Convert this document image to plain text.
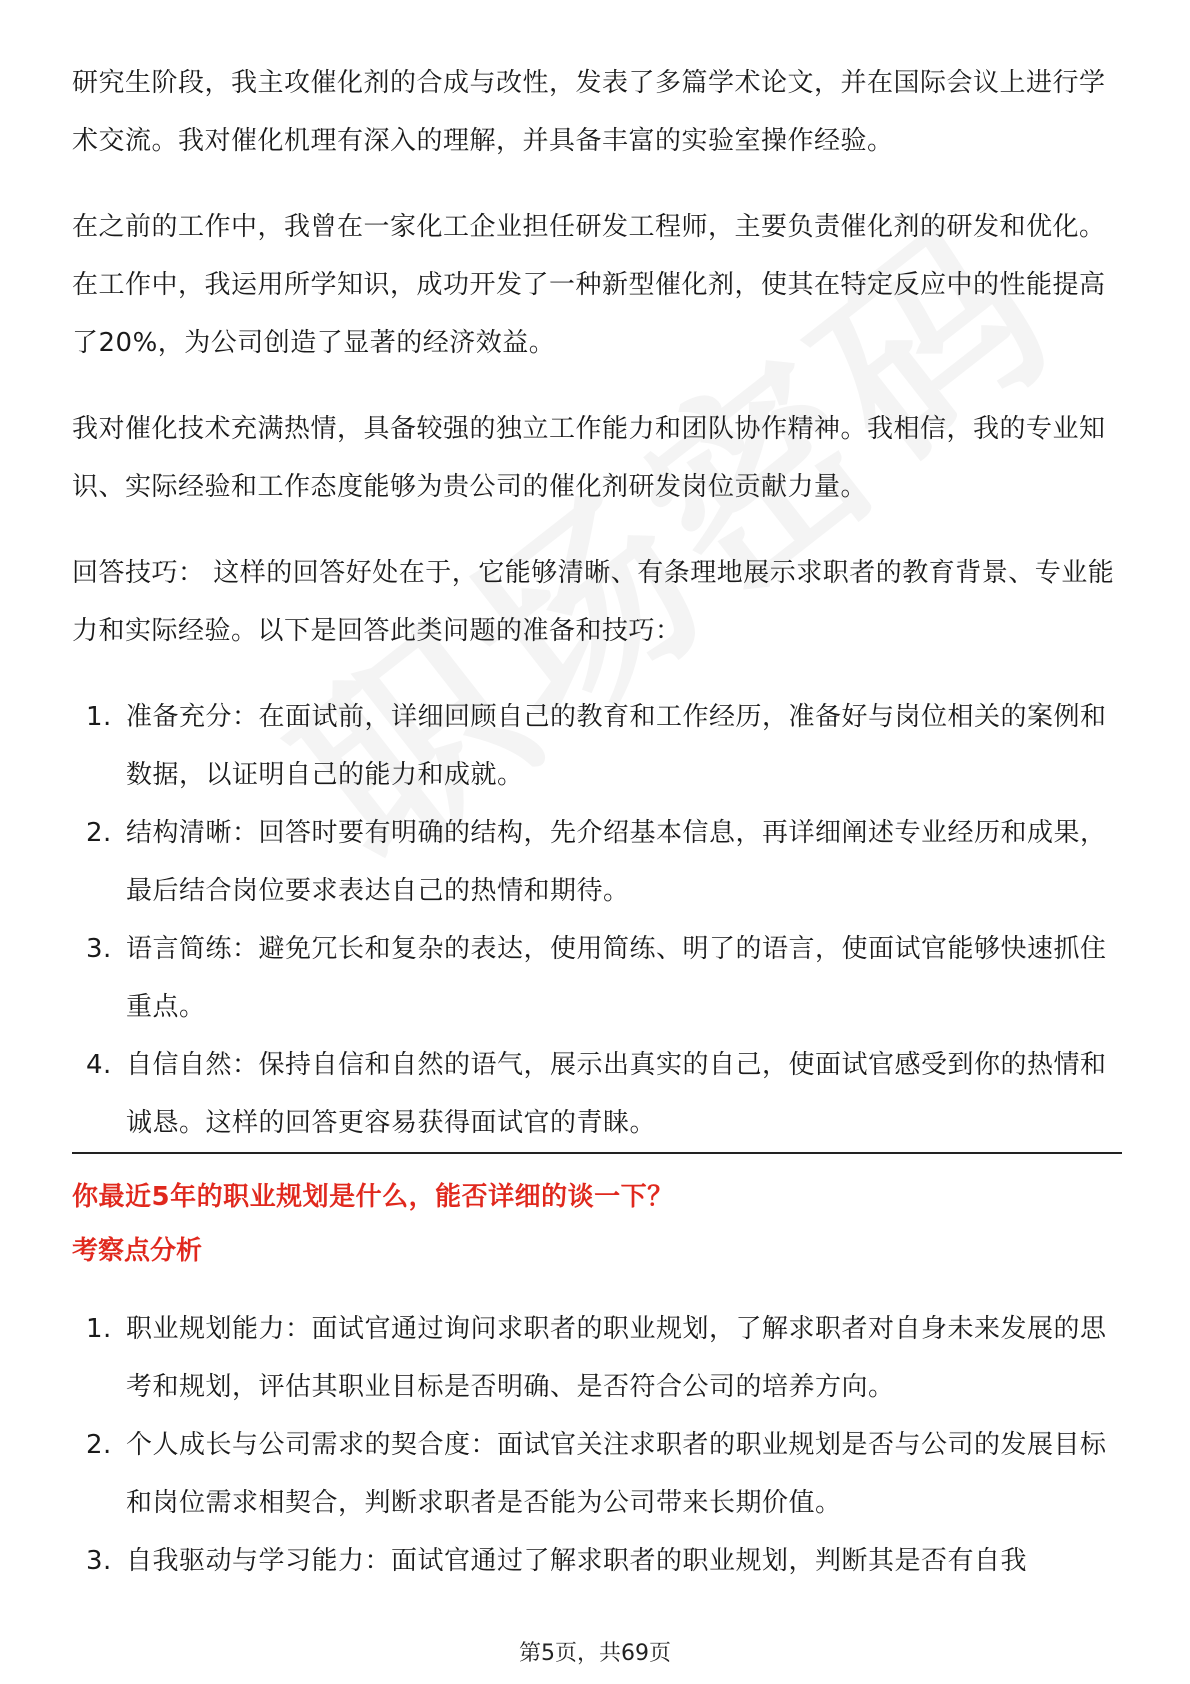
研究生阶段，我主攻催化剂的合成与改性，发表了多篇学术论文，并在国际会议上进行学术交流。我对催化机理有深入的理解，并具备丰富的实验室操作经验。

在之前的工作中，我曾在一家化工企业担任研发工程师，主要负责催化剂的研发和优化。在工作中，我运用所学知识，成功开发了一种新型催化剂，使其在特定反应中的性能提高了20%，为公司创造了显著的经济效益。

我对催化技术充满热情，具备较强的独立工作能力和团队协作精神。我相信，我的专业知识、实际经验和工作态度能够为贵公司的催化剂研发岗位贡献力量。

回答技巧： 这样的回答好处在于，它能够清晰、有条理地展示求职者的教育背景、专业能力和实际经验。以下是回答此类问题的准备和技巧：

1. 准备充分：在面试前，详细回顾自己的教育和工作经历，准备好与岗位相关的案例和数据，以证明自己的能力和成就。
2. 结构清晰：回答时要有明确的结构，先介绍基本信息，再详细阐述专业经历和成果，最后结合岗位要求表达自己的热情和期待。
3. 语言简练：避免冗长和复杂的表达，使用简练、明了的语言，使面试官能够快速抓住重点。
4. 自信自然：保持自信和自然的语气，展示出真实的自己，使面试官感受到你的热情和诚恳。这样的回答更容易获得面试官的青睐。

你最近5年的职业规划是什么，能否详细的谈一下？

考察点分析

1. 职业规划能力：面试官通过询问求职者的职业规划，了解求职者对自身未来发展的思考和规划，评估其职业目标是否明确、是否符合公司的培养方向。
2. 个人成长与公司需求的契合度：面试官关注求职者的职业规划是否与公司的发展目标和岗位需求相契合，判断求职者是否能为公司带来长期价值。
3. 自我驱动与学习能力：面试官通过了解求职者的职业规划，判断其是否有自我
第5页，共69页
